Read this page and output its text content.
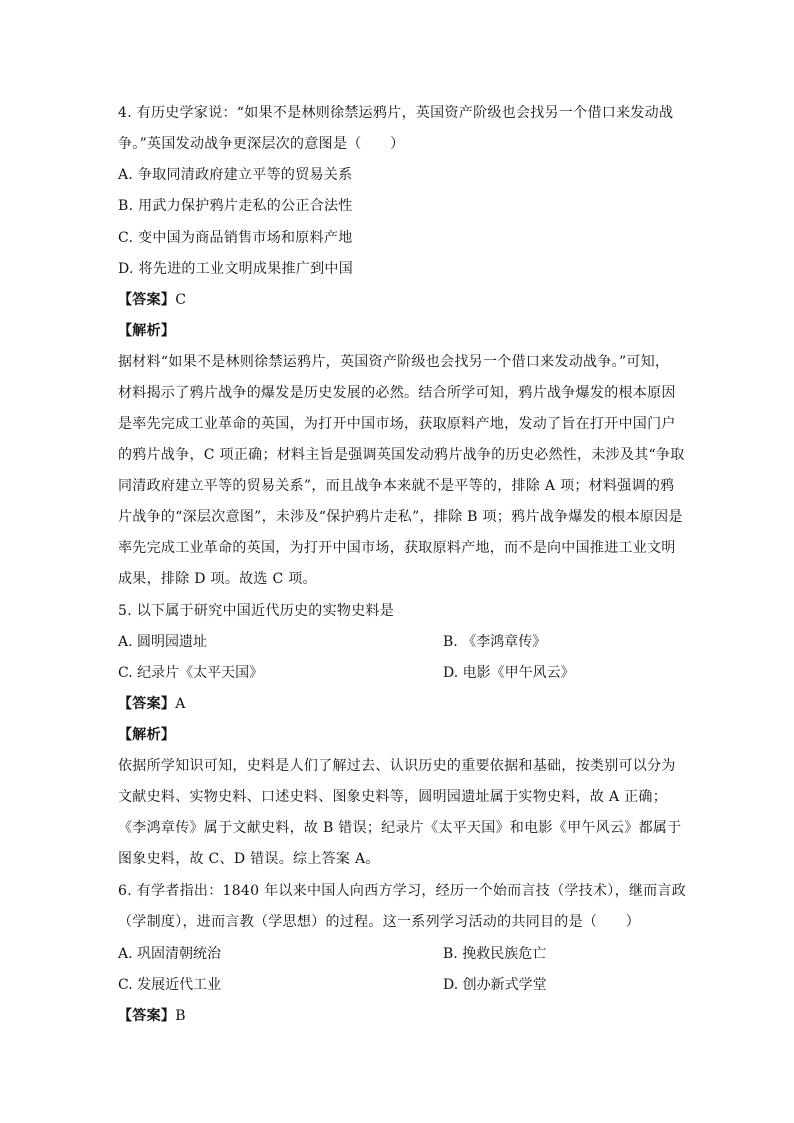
4. 有历史学家说：“如果不是林则徐禁运鸦片，英国资产阶级也会找另一个借口来发动战
争。”英国发动战争更深层次的意图是（　　）
A. 争取同清政府建立平等的贸易关系
B. 用武力保护鸦片走私的公正合法性
C. 变中国为商品销售市场和原料产地
D. 将先进的工业文明成果推广到中国
【答案】C
【解析】
据材料“如果不是林则徐禁运鸦片，英国资产阶级也会找另一个借口来发动战争。”可知，
材料揭示了鸦片战争的爆发是历史发展的必然。结合所学可知，鸦片战争爆发的根本原因
是率先完成工业革命的英国，为打开中国市场，获取原料产地，发动了旨在打开中国门户
的鸦片战争，C 项正确；材料主旨是强调英国发动鸦片战争的历史必然性，未涉及其“争取
同清政府建立平等的贸易关系”，而且战争本来就不是平等的，排除 A 项；材料强调的鸦
片战争的“深层次意图”，未涉及“保护鸦片走私”，排除 B 项；鸦片战争爆发的根本原因是
率先完成工业革命的英国，为打开中国市场，获取原料产地，而不是向中国推进工业文明
成果，排除 D 项。故选 C 项。
5. 以下属于研究中国近代历史的实物史料是
A. 圆明园遗址	B. 《李鸿章传》
C. 纪录片《太平天国》	D. 电影《甲午风云》
【答案】A
【解析】
依据所学知识可知，史料是人们了解过去、认识历史的重要依据和基础，按类别可以分为
文献史料、实物史料、口述史料、图象史料等，圆明园遗址属于实物史料，故 A 正确；
《李鸿章传》属于文献史料，故 B 错误；纪录片《太平天国》和电影《甲午风云》都属于
图象史料，故 C、D 错误。综上答案 A。
6. 有学者指出：1840 年以来中国人向西方学习，经历一个始而言技（学技术），继而言政
（学制度），进而言教（学思想）的过程。这一系列学习活动的共同目的是（　　）
A. 巩固清朝统治	B. 挽救民族危亡
C. 发展近代工业	D. 创办新式学堂
【答案】B
